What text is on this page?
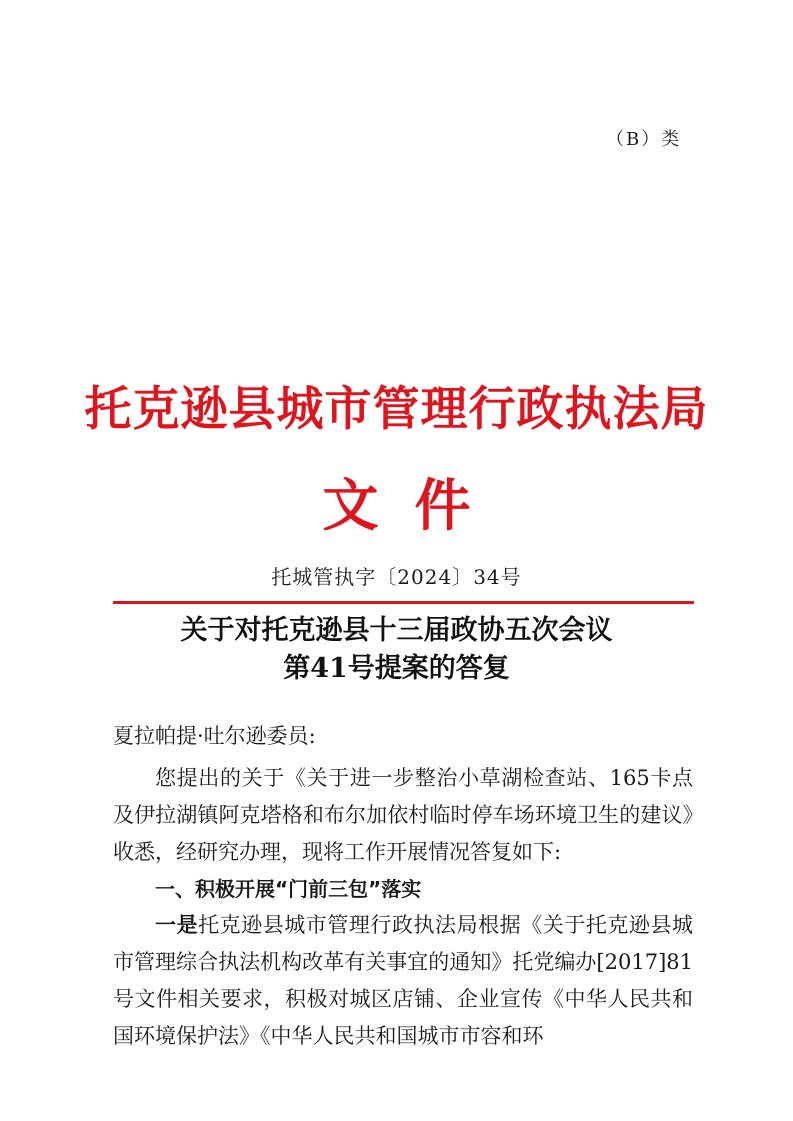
（B）类
托克逊县城市管理行政执法局
文件
托城管执字〔2024〕34号
关于对托克逊县十三届政协五次会议
第41号提案的答复
夏拉帕提·吐尔逊委员:
您提出的关于《关于进一步整治小草湖检查站、165卡点及伊拉湖镇阿克塔格和布尔加依村临时停车场环境卫生的建议》收悉，经研究办理，现将工作开展情况答复如下:
一、积极开展“门前三包”落实
一是托克逊县城市管理行政执法局根据《关于托克逊县城市管理综合执法机构改革有关事宜的通知》托党编办[2017]81号文件相关要求，积极对城区店铺、企业宣传《中华人民共和国环境保护法》《中华人民共和国城市市容和环
